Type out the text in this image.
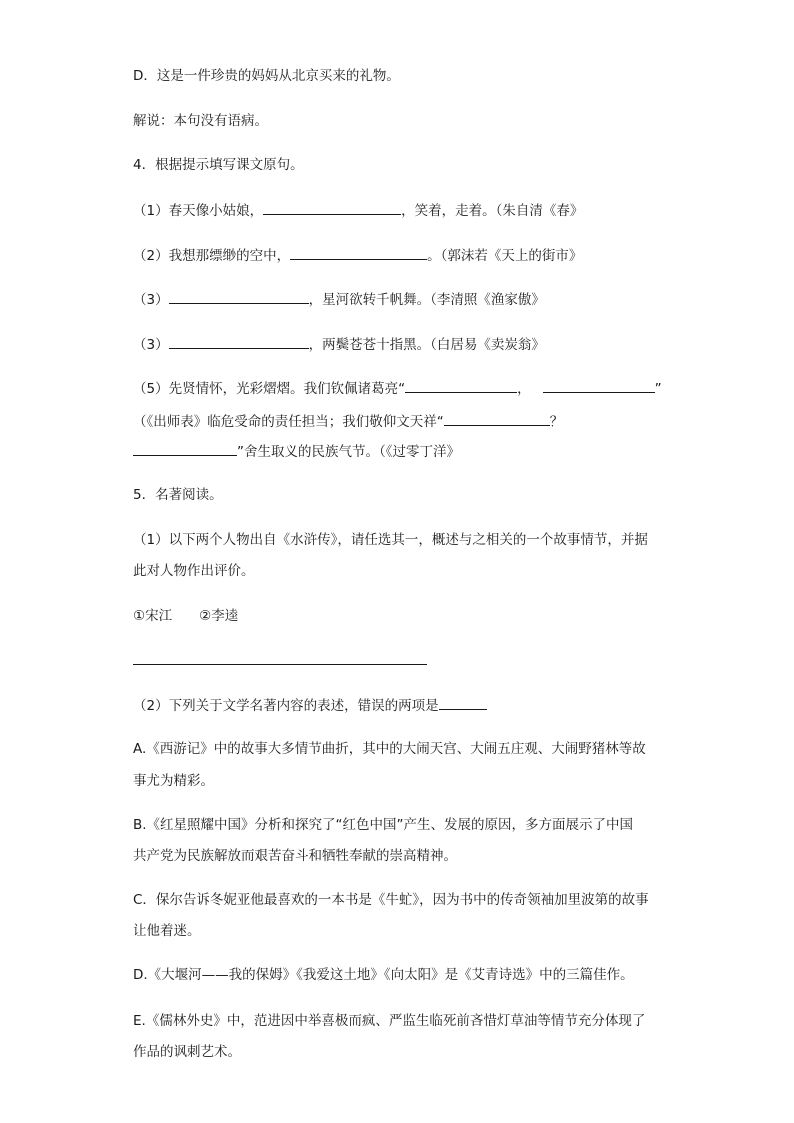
D．这是一件珍贵的妈妈从北京买来的礼物。
解说：本句没有语病。
4．根据提示填写课文原句。
（1）春天像小姑娘，	，笑着，走着。（朱自清《春》
（2）我想那缥缈的空中，	。（郭沫若《天上的街市》
（3）	，星河欲转千帆舞。（李清照《渔家傲》
（3）	，两鬓苍苍十指黑。（白居易《卖炭翁》
（5）先贤情怀，光彩熠熠。我们钦佩诸葛亮“	，	”
（《出师表》临危受命的责任担当；我们敬仰文天祥“	？
”舍生取义的民族气节。（《过零丁洋》
5．名著阅读。
（1）以下两个人物出自《水浒传》，请任选其一，概述与之相关的一个故事情节，并据
此对人物作出评价。
①宋江 ②李逵
（2）下列关于文学名著内容的表述，错误的两项是
A.《西游记》中的故事大多情节曲折，其中的大闹天宫、大闹五庄观、大闹野猪林等故
事尤为精彩。
B.《红星照耀中国》分析和探究了“红色中国”产生、发展的原因，多方面展示了中国
共产党为民族解放而艰苦奋斗和牺牲奉献的崇高精神。
C．保尔告诉冬妮亚他最喜欢的一本书是《牛虻》，因为书中的传奇领袖加里波第的故事
让他着迷。
D.《大堰河——我的保姆》《我爱这土地》《向太阳》是《艾青诗选》中的三篇佳作。
E.《儒林外史》中，范进因中举喜极而疯、严监生临死前吝惜灯草油等情节充分体现了
作品的讽刺艺术。
